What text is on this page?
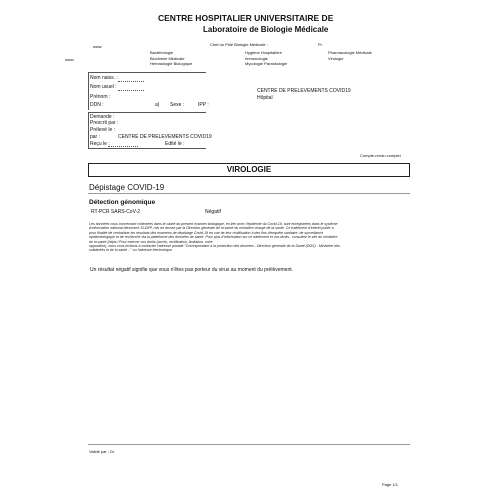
CENTRE HOSPITALIER UNIVERSITAIRE DE
Laboratoire de Biologie Médicale
Chef du Pôle Biologie Médicale :	Pr
www
www
Bactériologie
Biochimie Médicale
Hématologie Biologique
Hygiène Hospitalière
Immunologie
Mycologie Parasitologie
Pharmacologie Médicale
Virologie
Nom naiss. :
Nom usuel :
Prénom :
DDN :	a) Sexe :	IPP :
CENTRE DE PRELEVEMENTS COVID19
Hôpital
Demande :
Prescrit par :
Prélevé le :
par :	CENTRE DE PRELEVEMENTS COVID19
Reçu le :	Edité le :
Compte-rendu complet
VIROLOGIE
Dépistage COVID-19
Détection génomique
RT-PCR SARS-CoV-2	Négatif
Les données vous concernant collectées dans le cadre du présent examen biologique, en lien avec l'épidémie du Covid-19, sont enregistrées dans le système
d'information national dénommé SI-DEP, mis en œuvre par la Direction générale de la santé du ministère chargé de la santé. Ce traitement d'intérêt public a
pour finalité de centraliser les résultats des examens de dépistage Covid-19 en vue de leur réutilisation à des fins d'enquête sanitaire, de surveillance
épidémiologique et de recherche via la plateforme des données de santé. Pour plus d'information sur ce traitement et vos droits : consultez le site du ministère
de la santé (https:/ Pour exercer vos droits (accès, rectification, limitation, voire
opposition), nous vous invitons à contacter l'adresse postale "Correspondant à la protection des données - Direction générale de la Santé (DGS) - Ministère des
solidarités et de la santé - " ou l'adresse électronique
Un résultat négatif signifie que vous n'êtes pas porteur du virus au moment du prélèvement.
Validé par : Dr
Page 1/1
